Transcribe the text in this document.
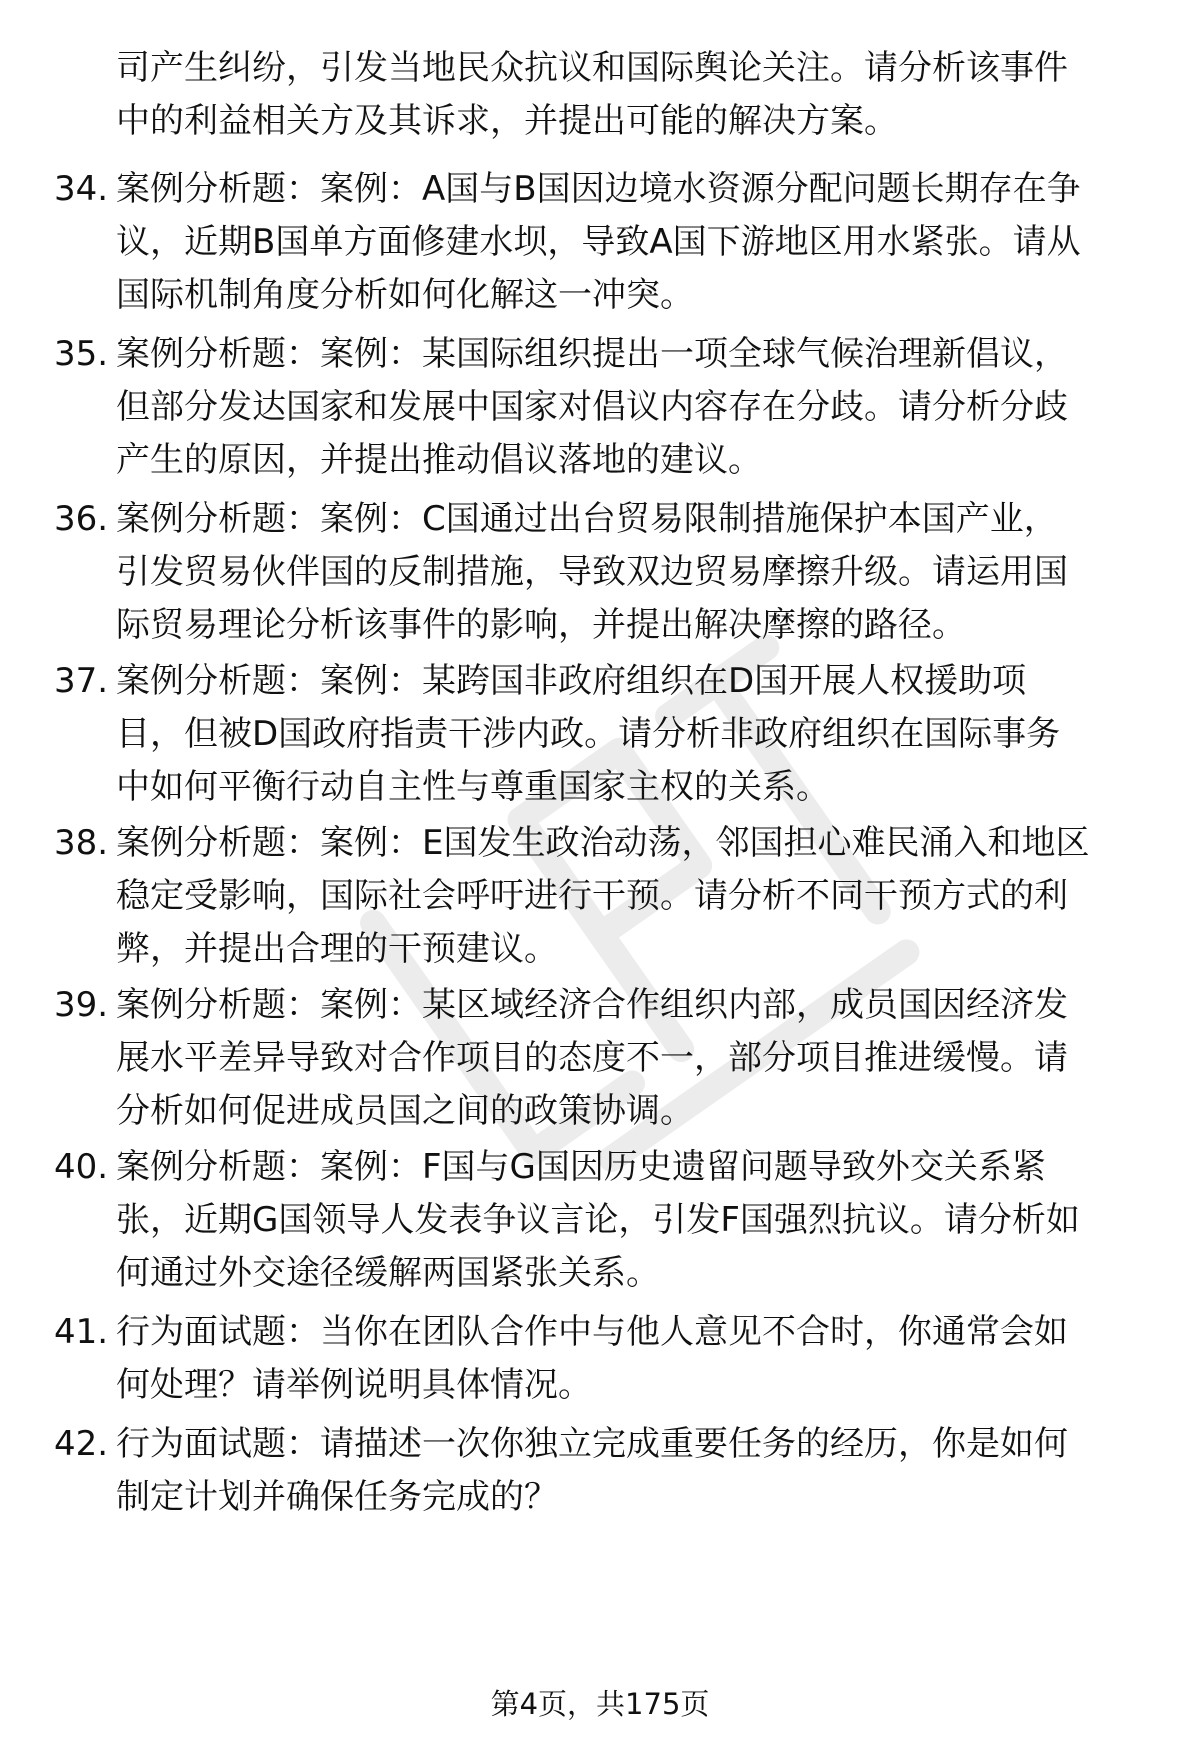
司产生纠纷，引发当地民众抗议和国际舆论关注。请分析该事件
中的利益相关方及其诉求，并提出可能的解决方案。
34. 案例分析题：案例：A国与B国因边境水资源分配问题长期存在争
议，近期B国单方面修建水坝，导致A国下游地区用水紧张。请从
国际机制角度分析如何化解这一冲突。
35. 案例分析题：案例：某国际组织提出一项全球气候治理新倡议，
但部分发达国家和发展中国家对倡议内容存在分歧。请分析分歧
产生的原因，并提出推动倡议落地的建议。
36. 案例分析题：案例：C国通过出台贸易限制措施保护本国产业，
引发贸易伙伴国的反制措施，导致双边贸易摩擦升级。请运用国
际贸易理论分析该事件的影响，并提出解决摩擦的路径。
37. 案例分析题：案例：某跨国非政府组织在D国开展人权援助项
目，但被D国政府指责干涉内政。请分析非政府组织在国际事务
中如何平衡行动自主性与尊重国家主权的关系。
38. 案例分析题：案例：E国发生政治动荡，邻国担心难民涌入和地区
稳定受影响，国际社会呼吁进行干预。请分析不同干预方式的利
弊，并提出合理的干预建议。
39. 案例分析题：案例：某区域经济合作组织内部，成员国因经济发
展水平差异导致对合作项目的态度不一，部分项目推进缓慢。请
分析如何促进成员国之间的政策协调。
40. 案例分析题：案例：F国与G国因历史遗留问题导致外交关系紧
张，近期G国领导人发表争议言论，引发F国强烈抗议。请分析如
何通过外交途径缓解两国紧张关系。
41. 行为面试题：当你在团队合作中与他人意见不合时，你通常会如
何处理？请举例说明具体情况。
42. 行为面试题：请描述一次你独立完成重要任务的经历，你是如何
制定计划并确保任务完成的？
第4页，共175页
